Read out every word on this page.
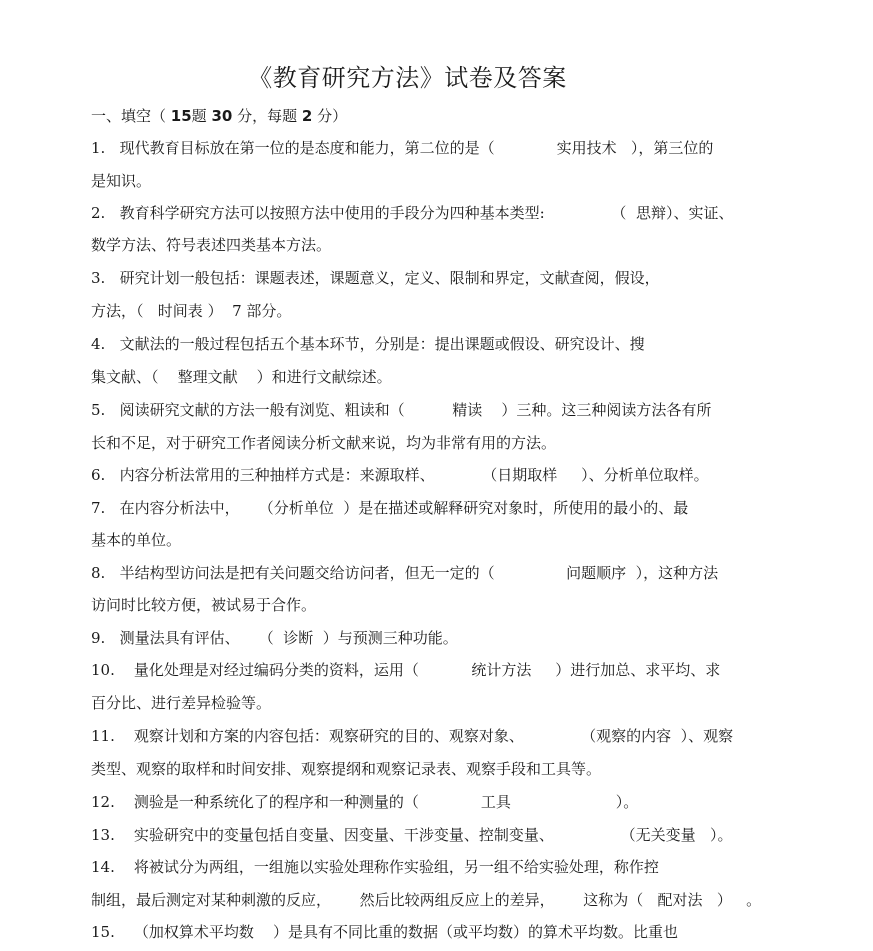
《教育研究方法》试卷及答案
一、填空（ 15题 30 分，每题 2 分）
1.   现代教育目标放在第一位的是态度和能力，第二位的是（             实用技术   ），第三位的
是知识。
2.   教育科学研究方法可以按照方法中使用的手段分为四种基本类型:              （  思辩）、实证、
数学方法、符号表述四类基本方法。
3.   研究计划一般包括：课题表述，课题意义，定义、限制和界定，文献查阅，假设，
方法，（   时间表 ）  7 部分。
4.   文献法的一般过程包括五个基本环节，分别是：提出课题或假设、研究设计、搜
集文献、（    整理文献    ）和进行文献综述。
5.   阅读研究文献的方法一般有浏览、粗读和（          精读    ）三种。这三种阅读方法各有所
长和不足，对于研究工作者阅读分析文献来说，均为非常有用的方法。
6.   内容分析法常用的三种抽样方式是：来源取样、          （日期取样     ）、分析单位取样。
7.   在内容分析法中，    （分析单位  ）是在描述或解释研究对象时，所使用的最小的、最
基本的单位。
8.   半结构型访问法是把有关问题交给访问者，但无一定的（               问题顺序  ），这种方法
访问时比较方便，被试易于合作。
9.   测量法具有评估、    （  诊断  ）与预测三种功能。
10.    量化处理是对经过编码分类的资料，运用（           统计方法     ）进行加总、求平均、求
百分比、进行差异检验等。
11.    观察计划和方案的内容包括：观察研究的目的、观察对象、            （观察的内容  ）、观察
类型、观察的取样和时间安排、观察提纲和观察记录表、观察手段和工具等。
12.    测验是一种系统化了的程序和一种测量的（             工具                      ）。
13.    实验研究中的变量包括自变量、因变量、干涉变量、控制变量、              （无关变量   ）。
14.    将被试分为两组，一组施以实验处理称作实验组，另一组不给实验处理，称作控
制组，最后测定对某种刺激的反应，      然后比较两组反应上的差异，      这称为（   配对法   ）   。
15.    （加权算术平均数    ）是具有不同比重的数据（或平均数）的算术平均数。比重也
